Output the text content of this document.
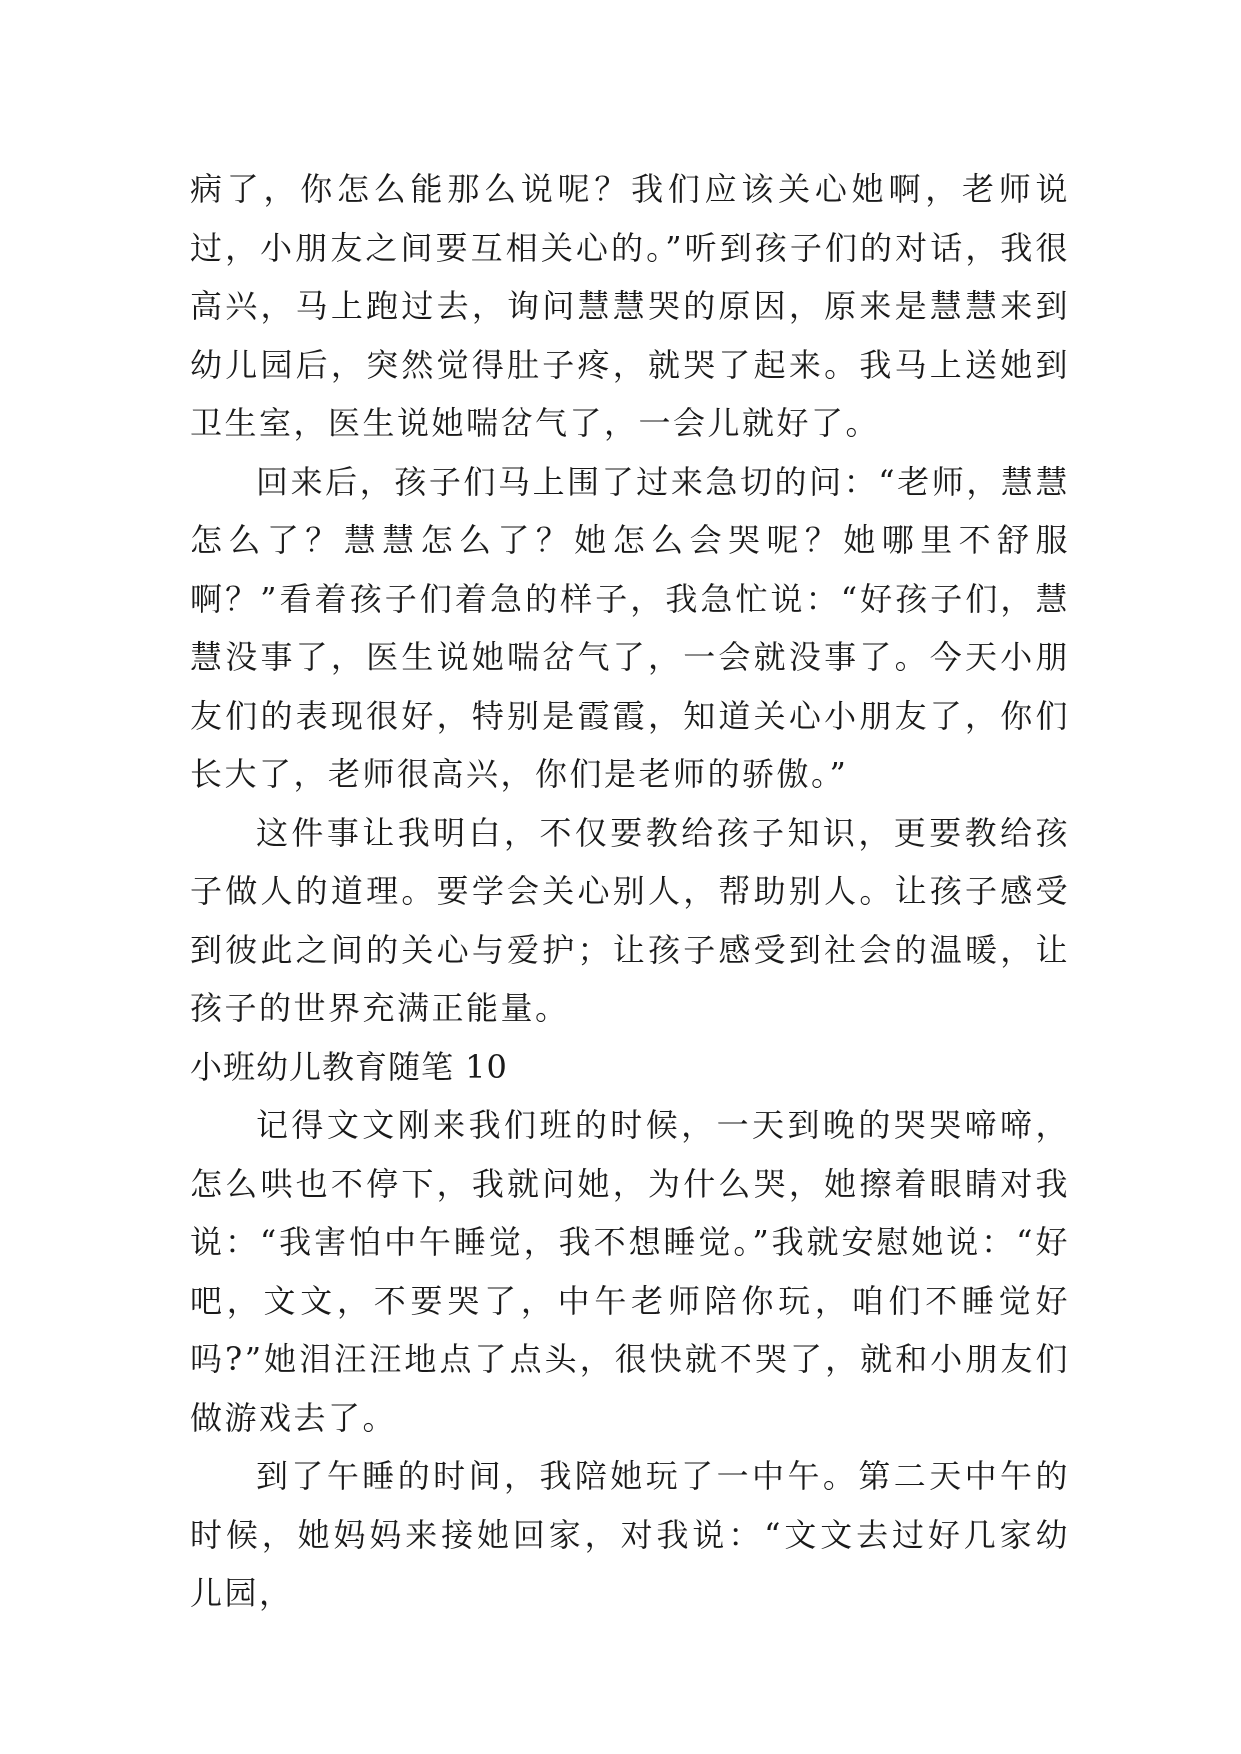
病了，你怎么能那么说呢？我们应该关心她啊，老师说过，小朋友之间要互相关心的。”听到孩子们的对话，我很高兴，马上跑过去，询问慧慧哭的原因，原来是慧慧来到幼儿园后，突然觉得肚子疼，就哭了起来。我马上送她到卫生室，医生说她喘岔气了，一会儿就好了。

回来后，孩子们马上围了过来急切的问：“老师，慧慧怎么了？慧慧怎么了？她怎么会哭呢？她哪里不舒服啊？”看着孩子们着急的样子，我急忙说：“好孩子们，慧慧没事了，医生说她喘岔气了，一会就没事了。今天小朋友们的表现很好，特别是霞霞，知道关心小朋友了，你们长大了，老师很高兴，你们是老师的骄傲。”

这件事让我明白，不仅要教给孩子知识，更要教给孩子做人的道理。要学会关心别人，帮助别人。让孩子感受到彼此之间的关心与爱护；让孩子感受到社会的温暖，让孩子的世界充满正能量。

小班幼儿教育随笔 10

记得文文刚来我们班的时候，一天到晚的哭哭啼啼，怎么哄也不停下，我就问她，为什么哭，她擦着眼睛对我说：“我害怕中午睡觉，我不想睡觉。”我就安慰她说：“好吧，文文，不要哭了，中午老师陪你玩，咱们不睡觉好吗?”她泪汪汪地点了点头，很快就不哭了，就和小朋友们做游戏去了。

到了午睡的时间，我陪她玩了一中午。第二天中午的时候，她妈妈来接她回家，对我说：“文文去过好几家幼儿园，
